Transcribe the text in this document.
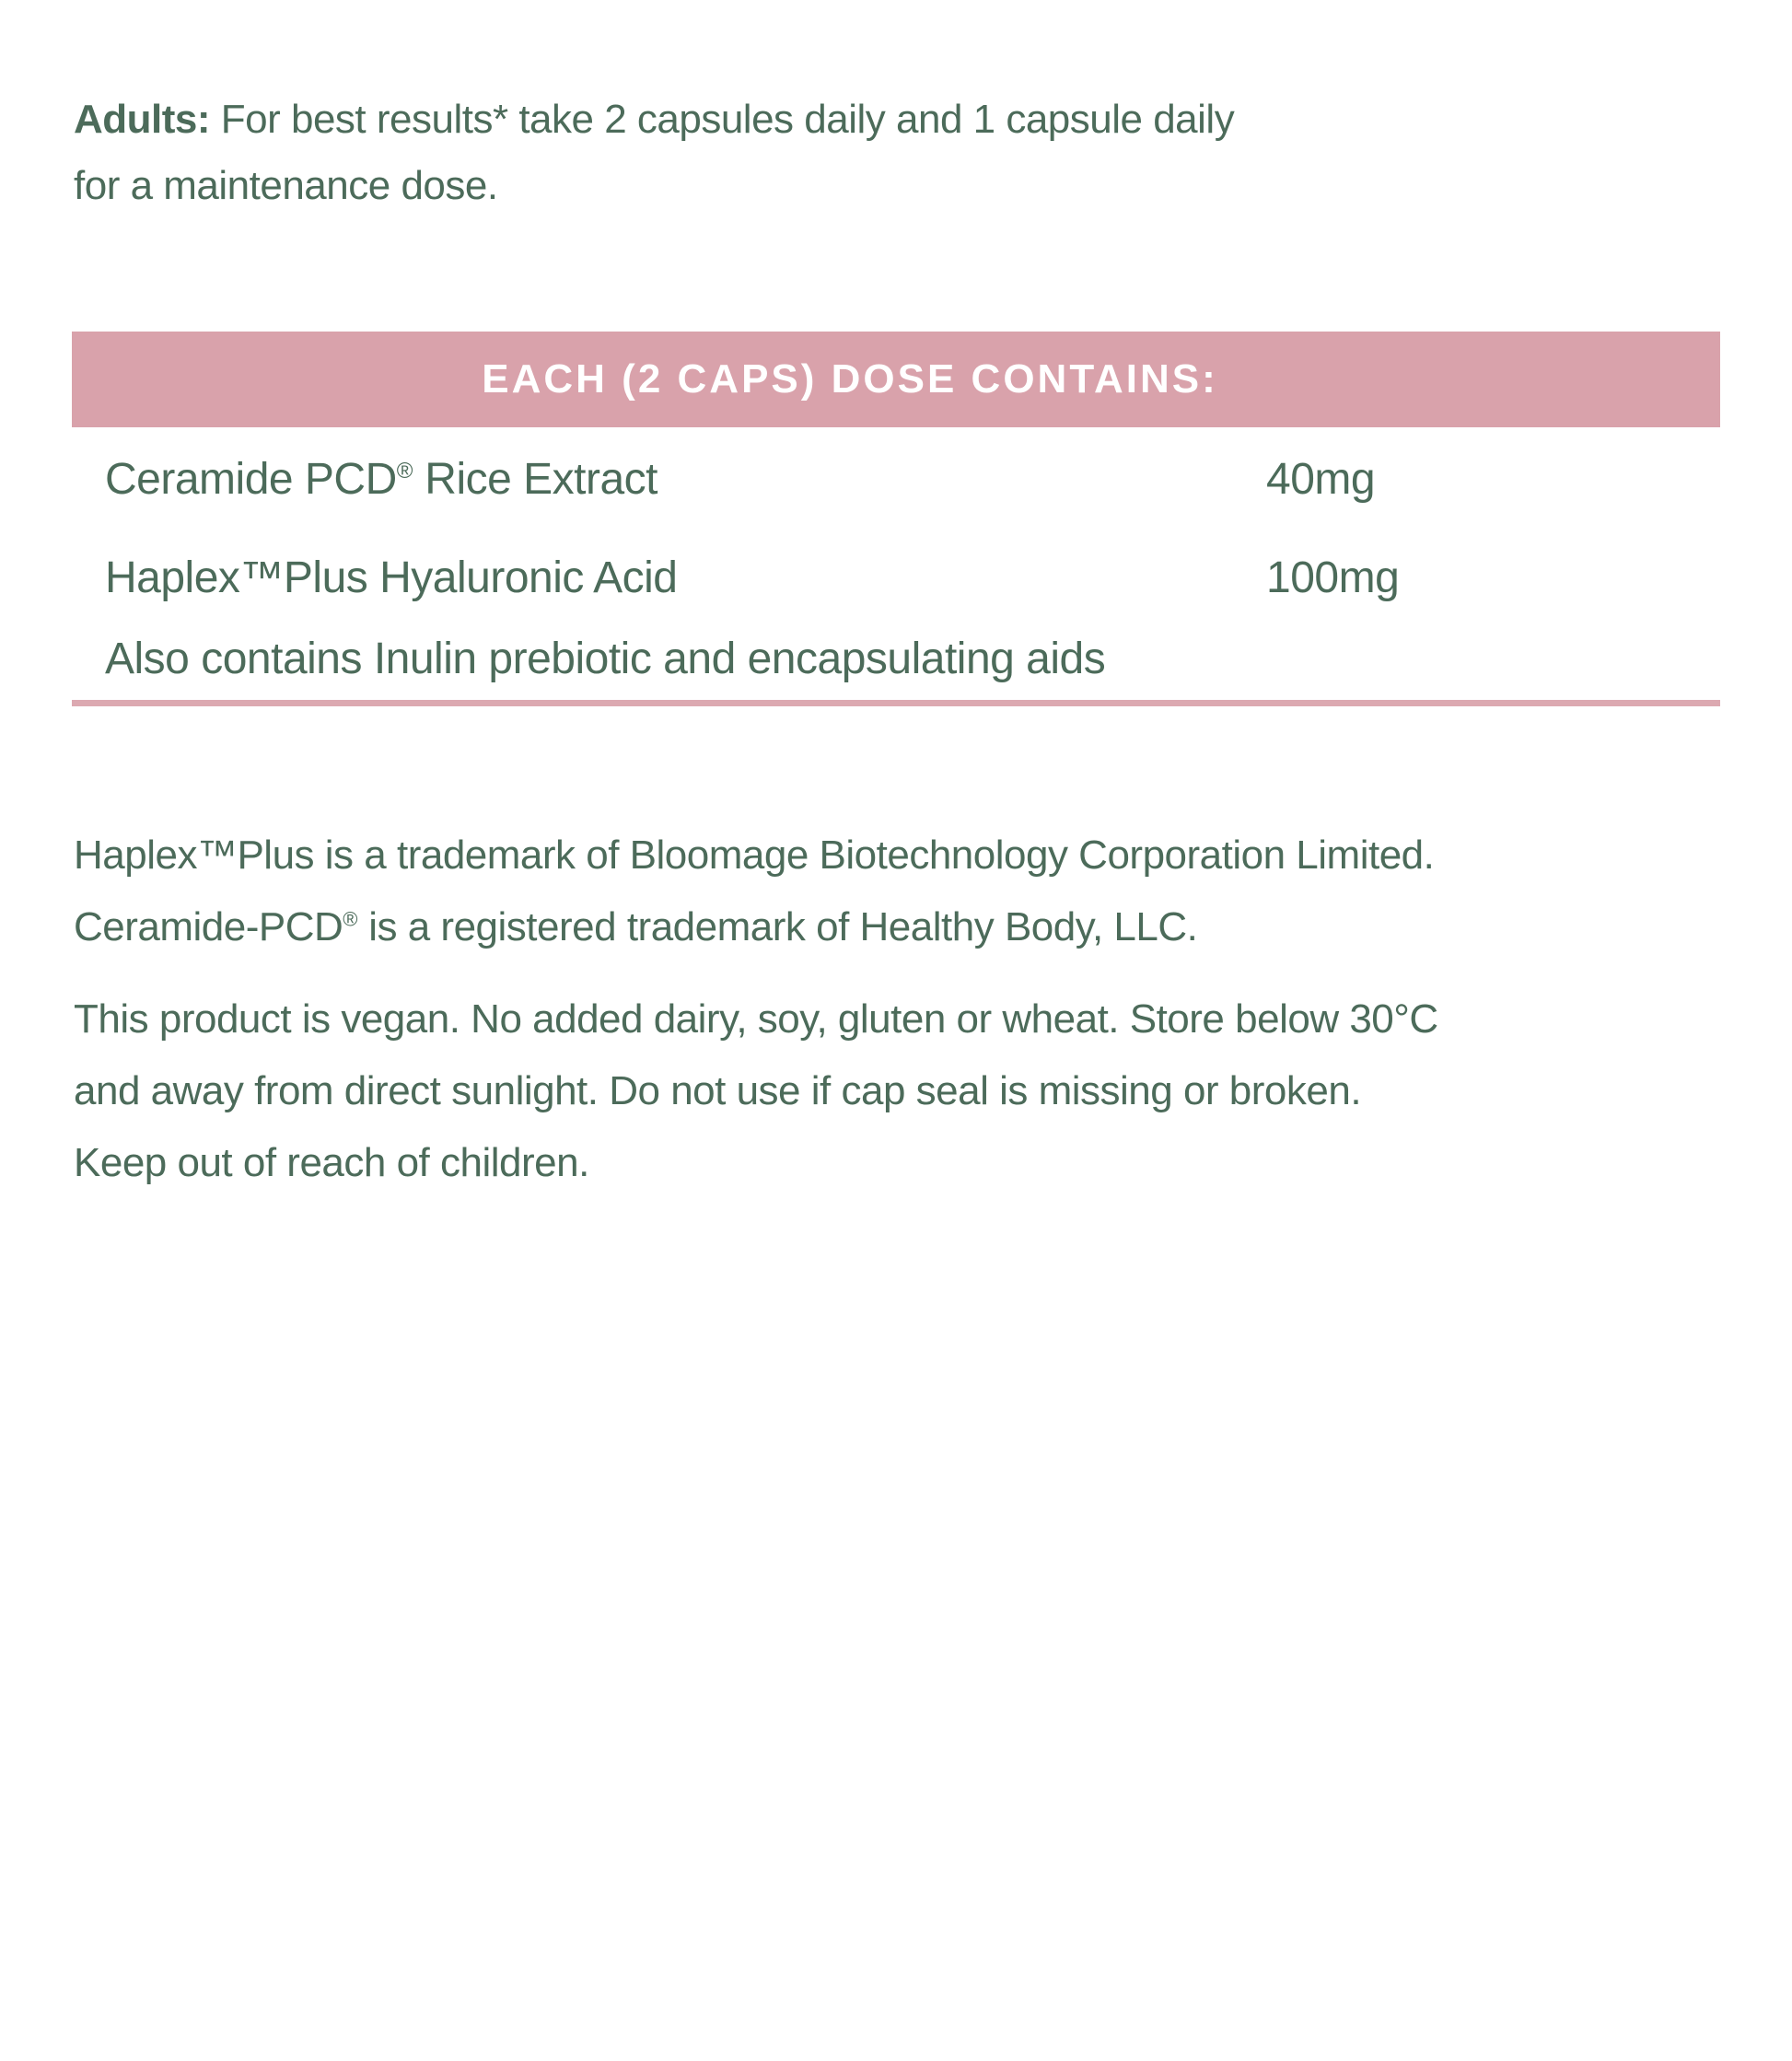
Adults: For best results* take 2 capsules daily and 1 capsule daily
for a maintenance dose.

EACH (2 CAPS) DOSE CONTAINS:
Ceramide PCD® Rice Extract	40mg
Haplex™Plus Hyaluronic Acid	100mg
Also contains Inulin prebiotic and encapsulating aids

Haplex™Plus is a trademark of Bloomage Biotechnology Corporation Limited.
Ceramide-PCD® is a registered trademark of Healthy Body, LLC.

This product is vegan. No added dairy, soy, gluten or wheat. Store below 30°C
and away from direct sunlight. Do not use if cap seal is missing or broken.
Keep out of reach of children.
